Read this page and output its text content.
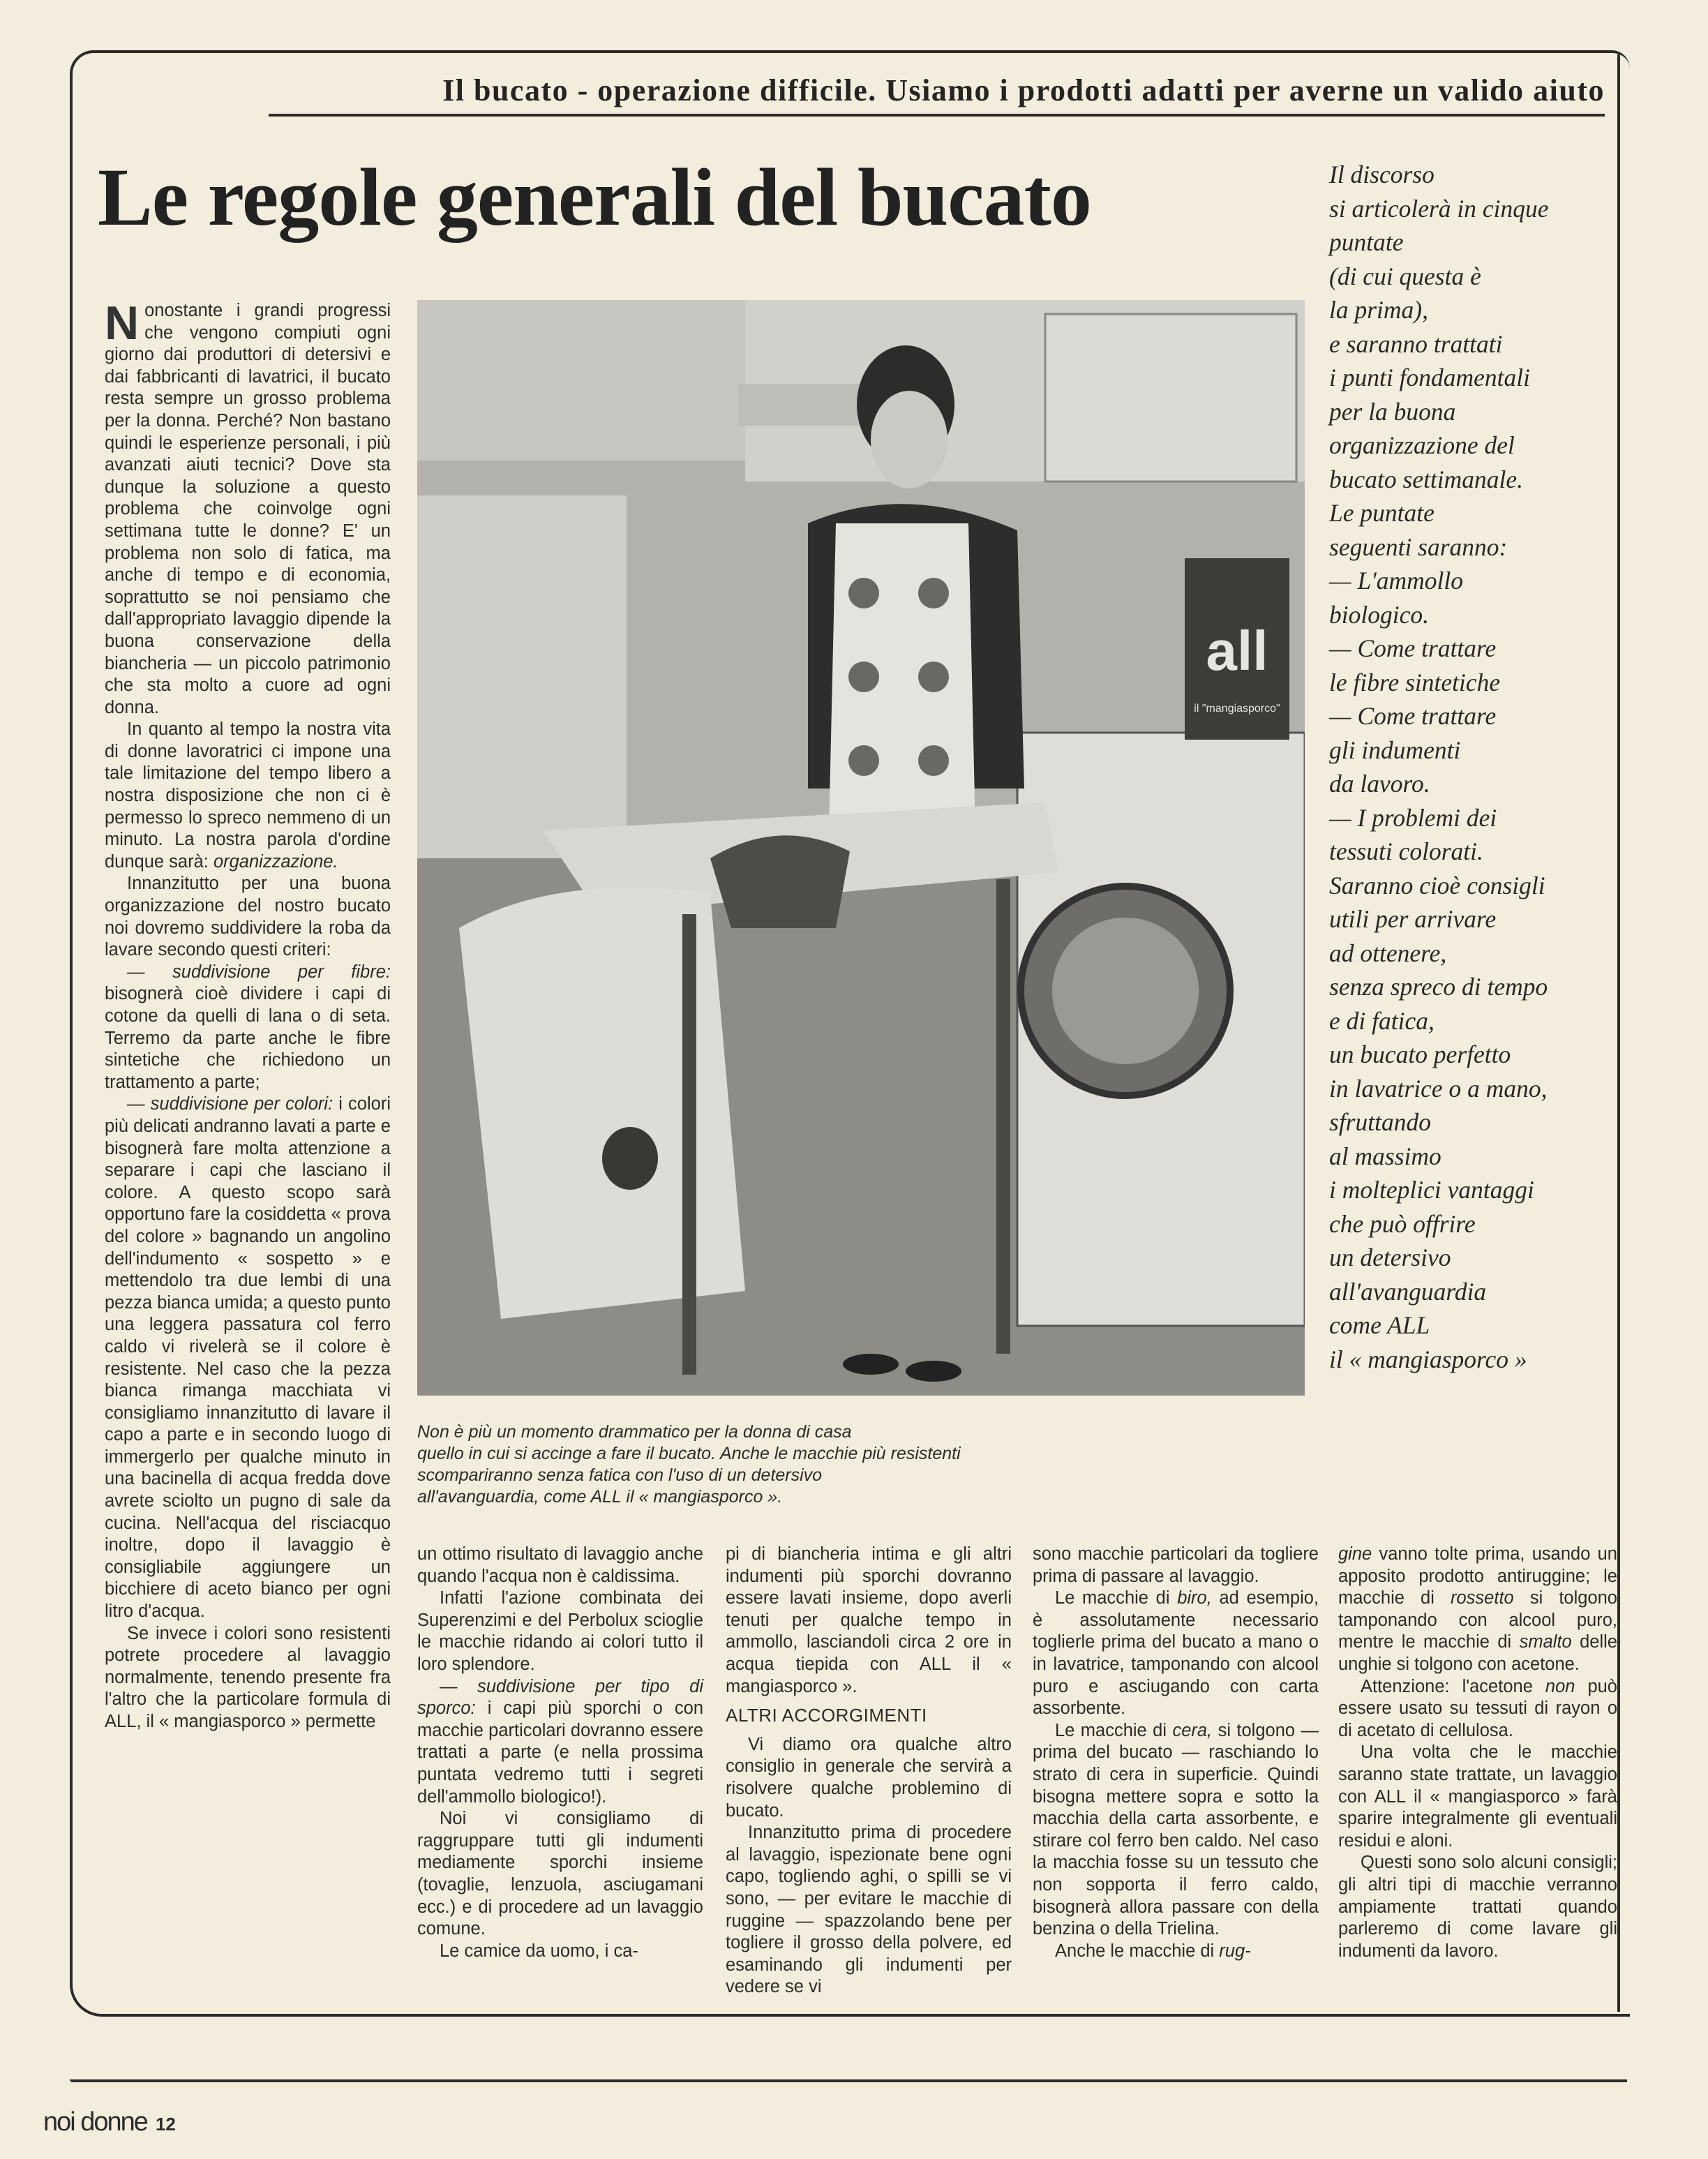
Il bucato - operazione difficile. Usiamo i prodotti adatti per averne un valido aiuto
Le regole generali del bucato	Il discorso
si articolerà in cinque
puntate
(di cui questa è
la prima),
e saranno trattati
i punti fondamentali
per la buona
organizzazione del
bucato settimanale.
Le puntate
seguenti saranno:
— L'ammollo
biologico.
— Come trattare
le fibre sintetiche
— Come trattare
gli indumenti
da lavoro.
— I problemi dei
tessuti colorati.
Saranno cioè consigli
utili per arrivare
ad ottenere,
senza spreco di tempo
e di fatica,
un bucato perfetto
in lavatrice o a mano,
sfruttando
al massimo
i molteplici vantaggi
che può offrire
un detersivo
all'avanguardia
come ALL
il « mangiasporco »
all
il "mangiasporco"
Non è più un momento drammatico per la donna di casa
quello in cui si accinge a fare il bucato. Anche le macchie più resistenti
scompariranno senza fatica con l'uso di un detersivo
all'avanguardia, come ALL il « mangiasporco ».

Nonostante i grandi progressi che vengono compiuti ogni giorno dai produttori di detersivi e dai fabbricanti di lavatrici, il bucato resta sempre un grosso problema per la donna. Perché? Non bastano quindi le esperienze personali, i più avanzati aiuti tecnici? Dove sta dunque la soluzione a questo problema che coinvolge ogni settimana tutte le donne? E' un problema non solo di fatica, ma anche di tempo e di economia, soprattutto se noi pensiamo che dall'appropriato lavaggio dipende la buona conservazione della biancheria — un piccolo patrimonio che sta molto a cuore ad ogni donna.

In quanto al tempo la nostra vita di donne lavoratrici ci impone una tale limitazione del tempo libero a nostra disposizione che non ci è permesso lo spreco nemmeno di un minuto. La nostra parola d'ordine dunque sarà: organizzazione.

Innanzitutto per una buona organizzazione del nostro bucato noi dovremo suddividere la roba da lavare secondo questi criteri:

— suddivisione per fibre: bisognerà cioè dividere i capi di cotone da quelli di lana o di seta. Terremo da parte anche le fibre sintetiche che richiedono un trattamento a parte;

— suddivisione per colori: i colori più delicati andranno lavati a parte e bisognerà fare molta attenzione a separare i capi che lasciano il colore. A questo scopo sarà opportuno fare la cosiddetta « prova del colore » bagnando un angolino dell'indumento « sospetto » e mettendolo tra due lembi di una pezza bianca umida; a questo punto una leggera passatura col ferro caldo vi rivelerà se il colore è resistente. Nel caso che la pezza bianca rimanga macchiata vi consigliamo innanzitutto di lavare il capo a parte e in secondo luogo di immergerlo per qualche minuto in una bacinella di acqua fredda dove avrete sciolto un pugno di sale da cucina. Nell'acqua del risciacquo inoltre, dopo il lavaggio è consigliabile aggiungere un bicchiere di aceto bianco per ogni litro d'acqua.

Se invece i colori sono resistenti potrete procedere al lavaggio normalmente, tenendo presente fra l'altro che la particolare formula di ALL, il « mangiasporco » permette

un ottimo risultato di lavaggio anche quando l'acqua non è caldissima.

Infatti l'azione combinata dei Superenzimi e del Perbolux scioglie le macchie ridando ai colori tutto il loro splendore.

— suddivisione per tipo di sporco: i capi più sporchi o con macchie particolari dovranno essere trattati a parte (e nella prossima puntata vedremo tutti i segreti dell'ammollo biologico!).

Noi vi consigliamo di raggruppare tutti gli indumenti mediamente sporchi insieme (tovaglie, lenzuola, asciugamani ecc.) e di procedere ad un lavaggio comune.

Le camice da uomo, i ca-

pi di biancheria intima e gli altri indumenti più sporchi dovranno essere lavati insieme, dopo averli tenuti per qualche tempo in ammollo, lasciandoli circa 2 ore in acqua tiepida con ALL il « mangiasporco ».

ALTRI ACCORGIMENTI

Vi diamo ora qualche altro consiglio in generale che servirà a risolvere qualche problemino di bucato.

Innanzitutto prima di procedere al lavaggio, ispezionate bene ogni capo, togliendo aghi, o spilli se vi sono, — per evitare le macchie di ruggine — spazzolando bene per togliere il grosso della polvere, ed esaminando gli indumenti per vedere se vi

sono macchie particolari da togliere prima di passare al lavaggio.

Le macchie di biro, ad esempio, è assolutamente necessario toglierle prima del bucato a mano o in lavatrice, tamponando con alcool puro e asciugando con carta assorbente.

Le macchie di cera, si tolgono — prima del bucato — raschiando lo strato di cera in superficie. Quindi bisogna mettere sopra e sotto la macchia della carta assorbente, e stirare col ferro ben caldo. Nel caso la macchia fosse su un tessuto che non sopporta il ferro caldo, bisognerà allora passare con della benzina o della Trielina.

Anche le macchie di rug-

gine vanno tolte prima, usando un apposito prodotto antiruggine; le macchie di rossetto si tolgono tamponando con alcool puro, mentre le macchie di smalto delle unghie si tolgono con acetone.

Attenzione: l'acetone non può essere usato su tessuti di rayon o di acetato di cellulosa.

Una volta che le macchie saranno state trattate, un lavaggio con ALL il « mangiasporco » farà sparire integralmente gli eventuali residui e aloni.

Questi sono solo alcuni consigli; gli altri tipi di macchie verranno ampiamente trattati quando parleremo di come lavare gli indumenti da lavoro.

noi donne 12
